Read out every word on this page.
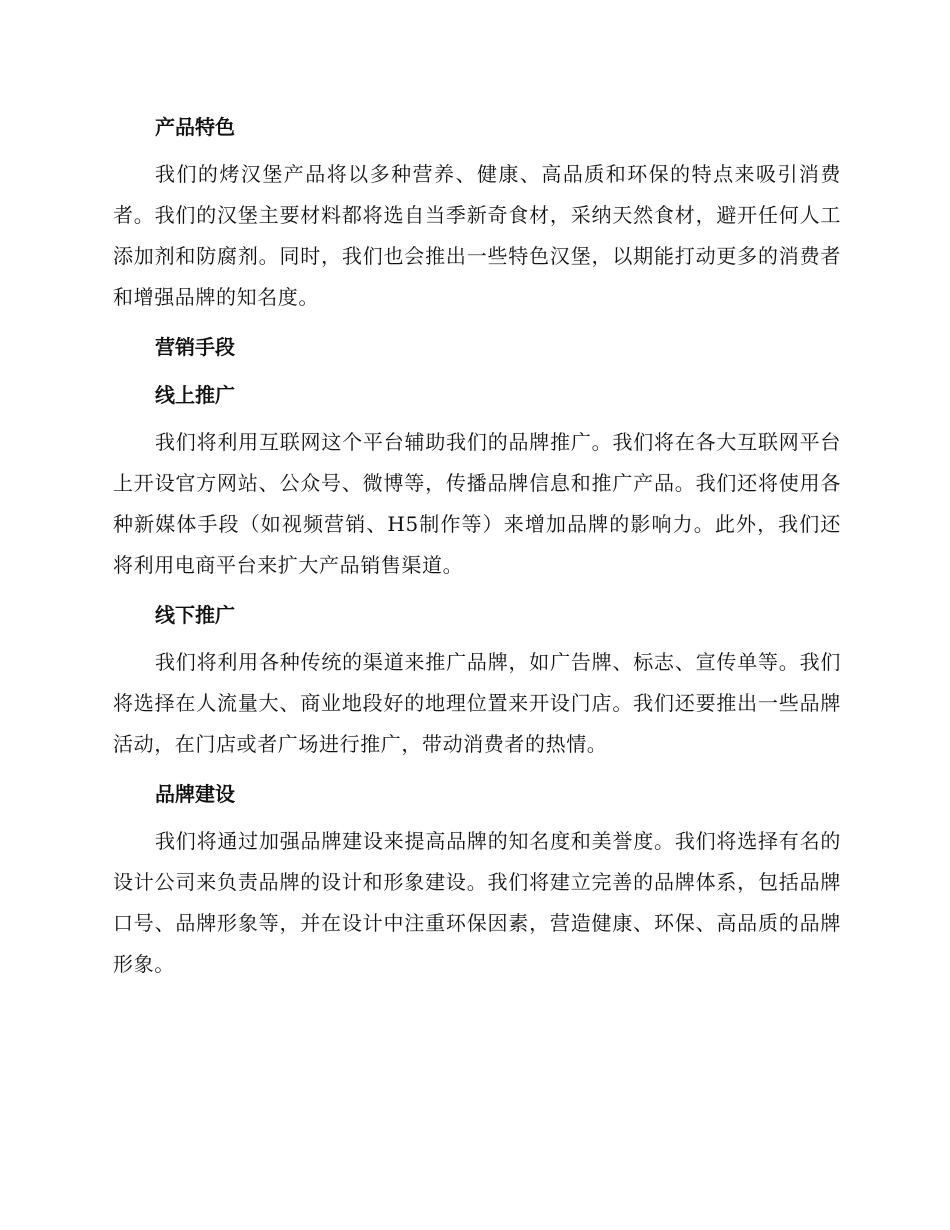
产品特色

我们的烤汉堡产品将以多种营养、健康、高品质和环保的特点来吸引消费者。我们的汉堡主要材料都将选自当季新奇食材，采纳天然食材，避开任何人工添加剂和防腐剂。同时，我们也会推出一些特色汉堡，以期能打动更多的消费者和增强品牌的知名度。

营销手段
线上推广

我们将利用互联网这个平台辅助我们的品牌推广。我们将在各大互联网平台上开设官方网站、公众号、微博等，传播品牌信息和推广产品。我们还将使用各种新媒体手段（如视频营销、H5制作等）来增加品牌的影响力。此外，我们还将利用电商平台来扩大产品销售渠道。

线下推广

我们将利用各种传统的渠道来推广品牌，如广告牌、标志、宣传单等。我们将选择在人流量大、商业地段好的地理位置来开设门店。我们还要推出一些品牌活动，在门店或者广场进行推广，带动消费者的热情。

品牌建设

我们将通过加强品牌建设来提高品牌的知名度和美誉度。我们将选择有名的设计公司来负责品牌的设计和形象建设。我们将建立完善的品牌体系，包括品牌口号、品牌形象等，并在设计中注重环保因素，营造健康、环保、高品质的品牌形象。
